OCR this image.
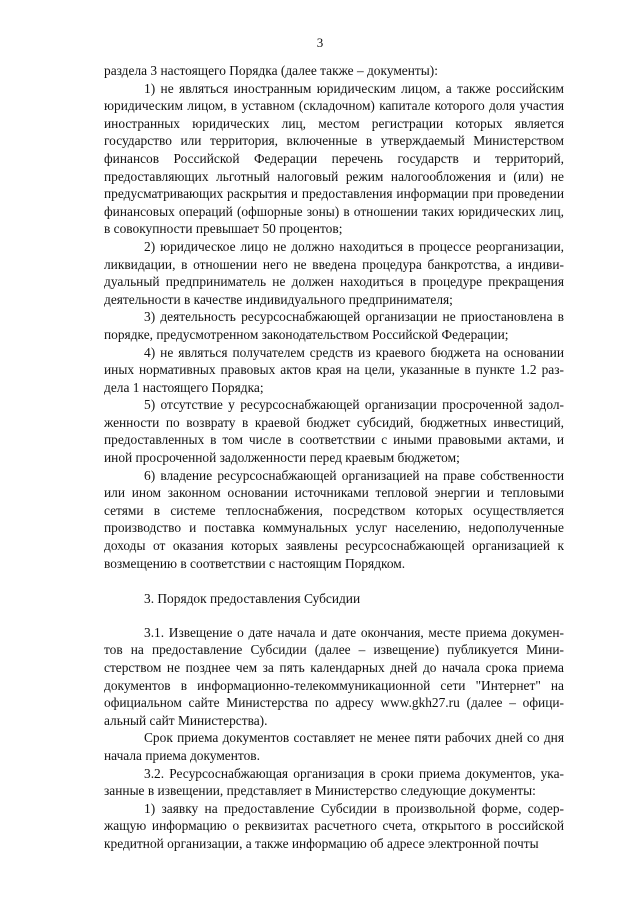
3

раздела 3 настоящего Порядка (далее также – документы):

1) не являться иностранным юридическим лицом, а также российским юридическим лицом, в уставном (складочном) капитале которого доля участия иностранных юридических лиц, местом регистрации которых является государство или территория, включенные в утверждаемый Министерством финансов Российской Федерации перечень государств и территорий, предоставляющих льготный налоговый режим налогообложения и (или) не предусматривающих раскрытия и предоставления информации при проведении финансовых операций (офшорные зоны) в отношении таких юридических лиц, в совокупности превышает 50 процентов;

2) юридическое лицо не должно находиться в процессе реорганизации, ликвидации, в отношении него не введена процедура банкротства, а индивидуальный предприниматель не должен находиться в процедуре прекращения деятельности в качестве индивидуального предпринимателя;

3) деятельность ресурсоснабжающей организации не приостановлена в порядке, предусмотренном законодательством Российской Федерации;

4) не являться получателем средств из краевого бюджета на основании иных нормативных правовых актов края на цели, указанные в пункте 1.2 раздела 1 настоящего Порядка;

5) отсутствие у ресурсоснабжающей организации просроченной задолженности по возврату в краевой бюджет субсидий, бюджетных инвестиций, предоставленных в том числе в соответствии с иными правовыми актами, и иной просроченной задолженности перед краевым бюджетом;

6) владение ресурсоснабжающей организацией на праве собственности или ином законном основании источниками тепловой энергии и тепловыми сетями в системе теплоснабжения, посредством которых осуществляется производство и поставка коммунальных услуг населению, недополученные доходы от оказания которых заявлены ресурсоснабжающей организацией к возмещению в соответствии с настоящим Порядком.

3. Порядок предоставления Субсидии

3.1. Извещение о дате начала и дате окончания, месте приема документов на предоставление Субсидии (далее – извещение) публикуется Министерством не позднее чем за пять календарных дней до начала срока приема документов в информационно-телекоммуникационной сети "Интернет" на официальном сайте Министерства по адресу www.gkh27.ru (далее – официальный сайт Министерства).

Срок приема документов составляет не менее пяти рабочих дней со дня начала приема документов.

3.2. Ресурсоснабжающая организация в сроки приема документов, указанные в извещении, представляет в Министерство следующие документы:

1) заявку на предоставление Субсидии в произвольной форме, содержащую информацию о реквизитах расчетного счета, открытого в российской кредитной организации, а также информацию об адресе электронной почты
